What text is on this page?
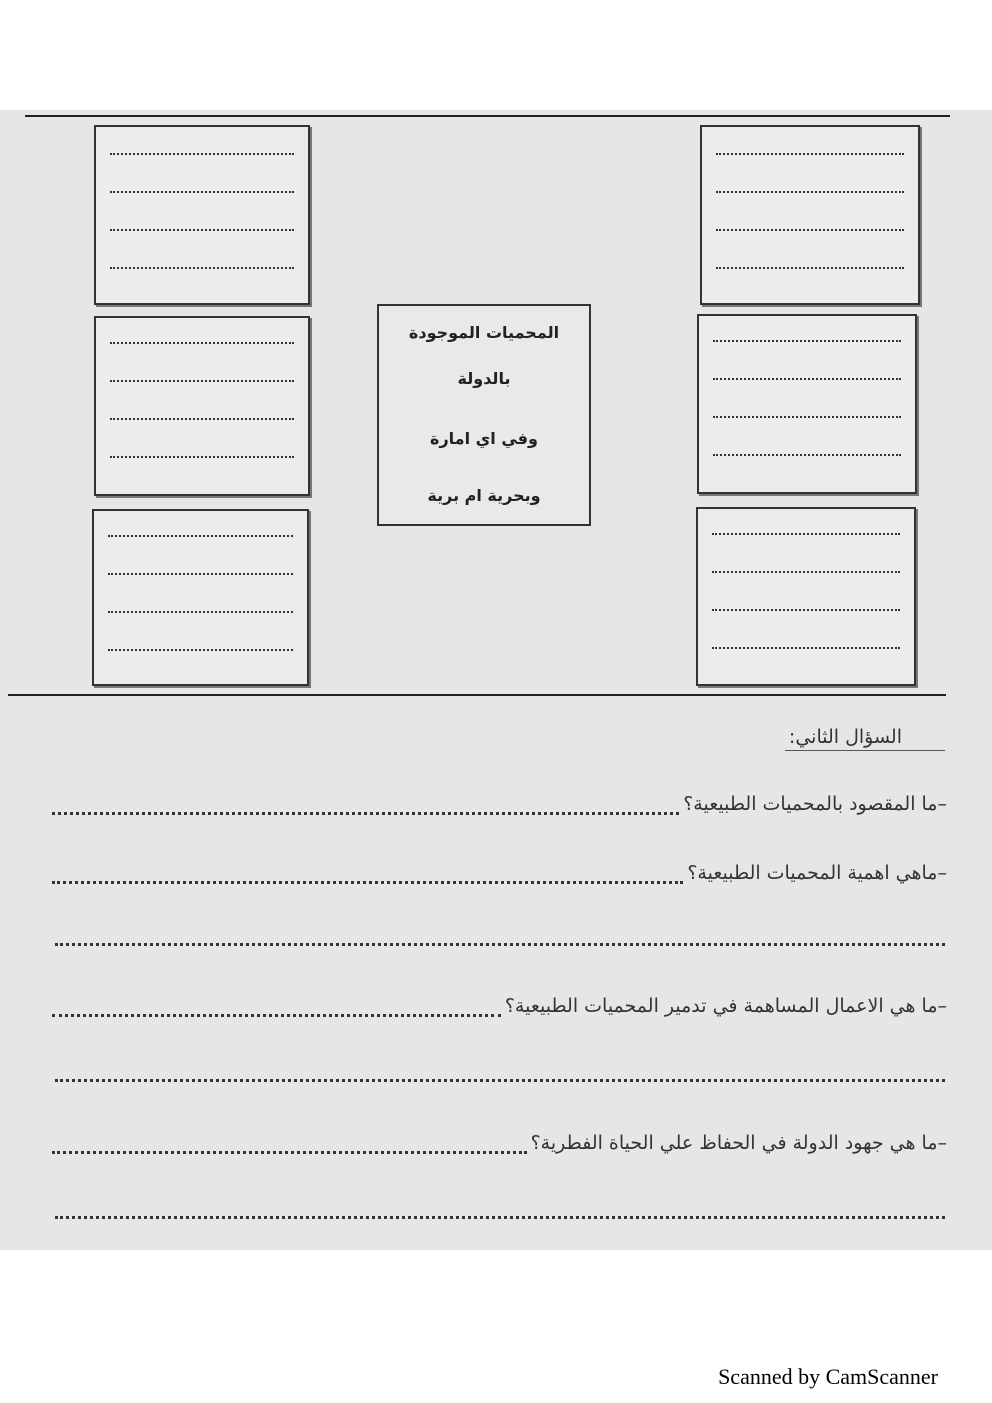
المحميات الموجودة
بالدولة
وفي اي امارة
وبحرية ام برية
السؤال الثاني:
–ما المقصود بالمحميات الطبيعية؟
–ماهي اهمية المحميات الطبيعية؟
–ما هي الاعمال المساهمة في تدمير المحميات الطبيعية؟
–ما هي جهود الدولة في الحفاظ علي الحياة الفطرية؟
Scanned by CamScanner
